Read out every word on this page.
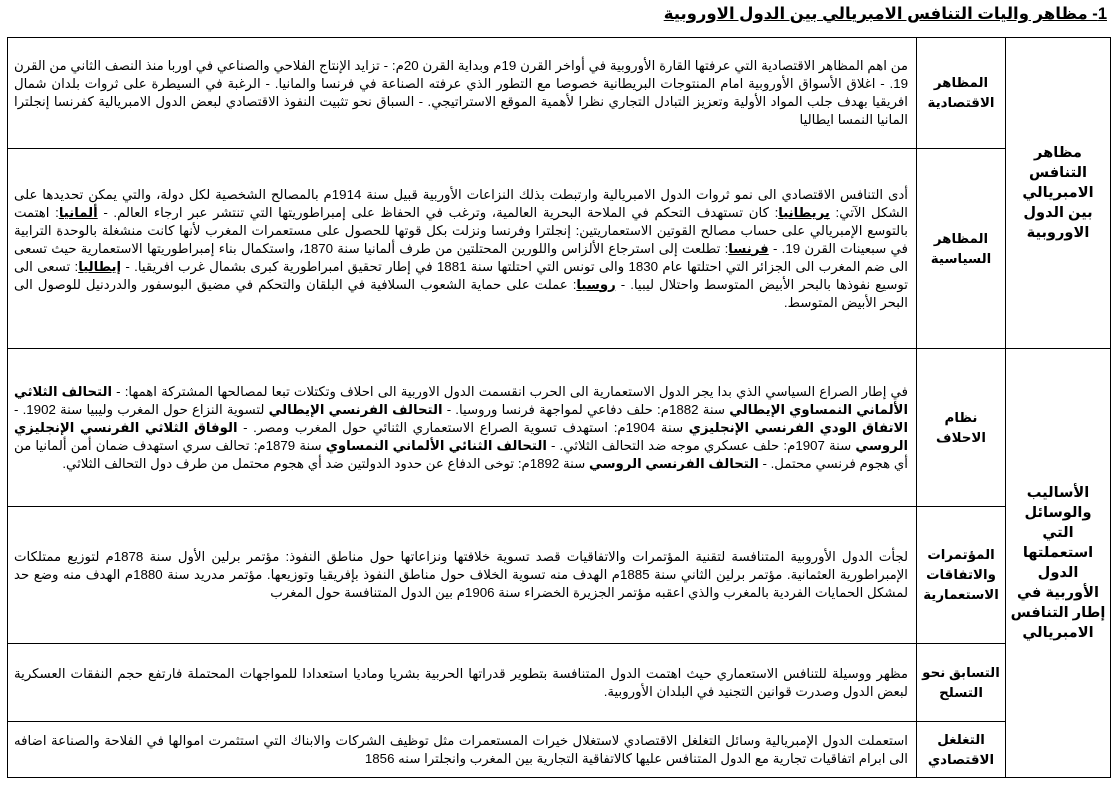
1- مظاهر واليات التنافس الامبريالي بين الدول الاوروبية
مظاهر التنافس الامبريالي بين الدول الاوروبية	المظاهر الاقتصادية	من اهم المظاهر الاقتصادية التي عرفتها القارة الأوروبية في أواخر القرن 19م وبداية القرن 20م: - تزايد الإنتاج الفلاحي والصناعي في اوربا منذ النصف الثاني من القرن 19. - اغلاق الأسواق الأوروبية امام المنتوجات البريطانية خصوصا مع التطور الذي عرفته الصناعة في فرنسا والمانيا. - الرغبة في السيطرة على ثروات بلدان شمال افريقيا بهدف جلب المواد الأولية وتعزيز التبادل التجاري نظرا لأهمية الموقع الاستراتيجي. - السباق نحو تثبيت النفوذ الاقتصادي لبعض الدول الامبريالية كفرنسا إنجلترا المانيا النمسا ايطاليا
	المظاهر السياسية	أدى التنافس الاقتصادي الى نمو ثروات الدول الامبريالية وارتبطت بذلك النزاعات الأوربية قبيل سنة 1914م بالمصالح الشخصية لكل دولة، والتي يمكن تحديدها على الشكل الآتي: بريطانيا: كان تستهدف التحكم في الملاحة البحرية العالمية، وترغب في الحفاظ على إمبراطوريتها التي تنتشر عبر ارجاء العالم. - ألمانيا: اهتمت بالتوسع الإمبريالي على حساب مصالح القوتين الاستعماريتين: إنجلترا وفرنسا ونزلت بكل قوتها للحصول على مستعمرات المغرب لأنها كانت منشغلة بالوحدة الترابية في سبعينات القرن 19. - فرنسا: تطلعت إلى استرجاع الألزاس واللورين المحتلتين من طرف ألمانيا سنة 1870، واستكمال بناء إمبراطوريتها الاستعمارية حيث تسعى الى ضم المغرب الى الجزائر التي احتلتها عام 1830 والى تونس التي احتلتها سنة 1881 في إطار تحقيق امبراطورية كبرى بشمال غرب افريقيا. - إيطاليا: تسعى الى توسيع نفوذها بالبحر الأبيض المتوسط واحتلال ليبيا. - روسيا: عملت على حماية الشعوب السلافية في البلقان والتحكم في مضيق البوسفور والدردنيل للوصول الى البحر الأبيض المتوسط.
الأساليب والوسائل التي استعملتها الدول الأوربية في إطار التنافس الامبريالي	نظام الاحلاف	في إطار الصراع السياسي الذي بدا يجر الدول الاستعمارية الى الحرب انقسمت الدول الاوربية الى احلاف وتكتلات تبعا لمصالحها المشتركة اهمها: - التحالف الثلاثي الألماني النمساوي الإيطالي سنة 1882م: حلف دفاعي لمواجهة فرنسا وروسيا. - التحالف الفرنسي الإيطالي لتسوية النزاع حول المغرب وليبيا سنة 1902. - الاتفاق الودي الفرنسي الإنجليزي سنة 1904م: استهدف تسوية الصراع الاستعماري الثنائي حول المغرب ومصر. - الوفاق الثلاثي الفرنسي الإنجليزي الروسي سنة 1907م: حلف عسكري موجه ضد التحالف الثلاثي. - التحالف الثنائي الألماني النمساوي سنة 1879م: تحالف سري استهدف ضمان أمن ألمانيا من أي هجوم فرنسي محتمل. - التحالف الفرنسي الروسي سنة 1892م: توخى الدفاع عن حدود الدولتين ضد أي هجوم محتمل من طرف دول التحالف الثلاثي.
	المؤتمرات والاتفاقات الاستعمارية	لجأت الدول الأوروبية المتنافسة لتقنية المؤتمرات والاتفاقيات قصد تسوية خلافتها ونزاعاتها حول مناطق النفوذ: مؤتمر برلين الأول سنة 1878م لتوزيع ممتلكات الإمبراطورية العثمانية. مؤتمر برلين الثاني سنة 1885م الهدف منه تسوية الخلاف حول مناطق النفوذ بإفريقيا وتوزيعها. مؤتمر مدريد سنة 1880م الهدف منه وضع حد لمشكل الحمايات الفردية بالمغرب والذي اعقبه مؤتمر الجزيرة الخضراء سنة 1906م بين الدول المتنافسة حول المغرب
	التسابق نحو التسلح	مظهر ووسيلة للتنافس الاستعماري حيث اهتمت الدول المتنافسة بتطوير قدراتها الحربية بشريا وماديا استعدادا للمواجهات المحتملة فارتفع حجم النفقات العسكرية لبعض الدول وصدرت قوانين التجنيد في البلدان الأوروبية.
	التغلغل الاقتصادي	استعملت الدول الإمبريالية وسائل التغلغل الاقتصادي لاستغلال خيرات المستعمرات مثل توظيف الشركات والابناك التي استثمرت اموالها في الفلاحة والصناعة اضافه الى ابرام اتفاقيات تجارية مع الدول المتنافس عليها كالاتفاقية التجارية بين المغرب وانجلترا سنه 1856
